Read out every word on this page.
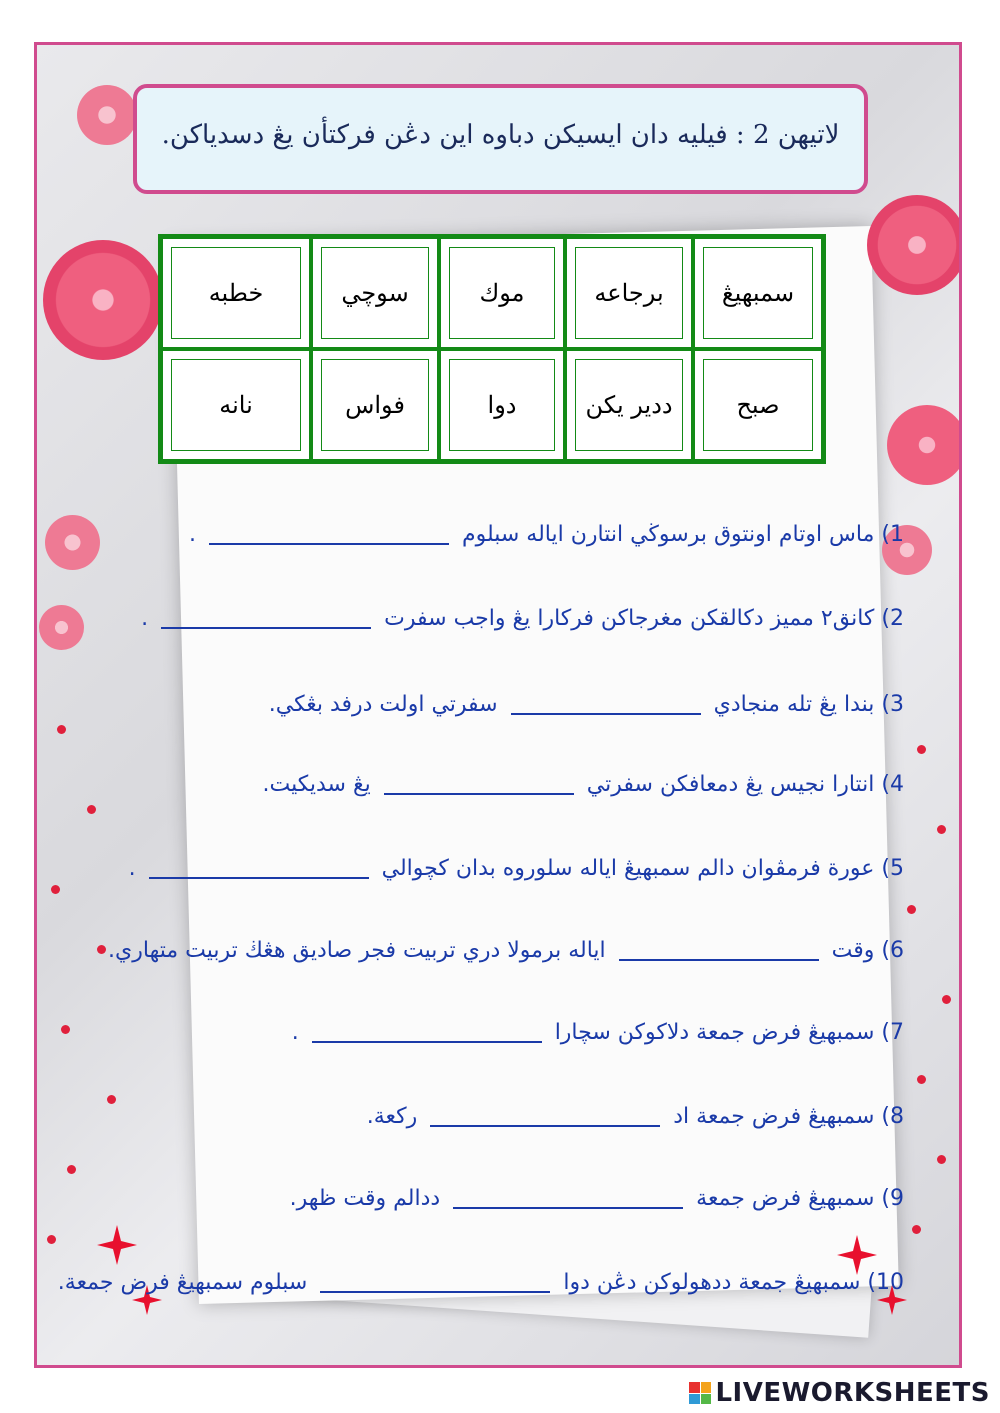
لاتيهن 2 : فيليه دان ايسيكن دباوه اين دڠن فركتأن يڠ دسدياكن.
سمبهيڠ
برجاعه
موك
سوچي
خطبه
صبح
ددير يكن
دوا
فواس
نانه
1) ماس اوتام اونتوق برسوڬي انتارن اياله سبلوم  .
2) كانق٢ مميز دكالقكن مغرجاكن فركارا يڠ واجب سفرت  .
3) بندا يڠ تله منجادي  سفرتي اولت درفد بڠكي.
4) انتارا نجيس يڠ دمعافكن سفرتي  يڠ سديكيت.
5) عورة فرمڤوان دالم سمبهيڠ اياله سلوروه بدان كچوالي  .
6) وقت  اياله برمولا دري تربيت فجر صاديق هڠڬ تربيت متهاري.
7) سمبهيڠ فرض جمعة دلاكوكن سچارا  .
8) سمبهيڠ فرض جمعة اد  ركعة.
9) سمبهيڠ فرض جمعة  ددالم وقت ظهر.
10) سمبهيڠ جمعة ددهولوكن دڠن دوا  سبلوم سمبهيڠ فرض جمعة.
LIVEWORKSHEETS
